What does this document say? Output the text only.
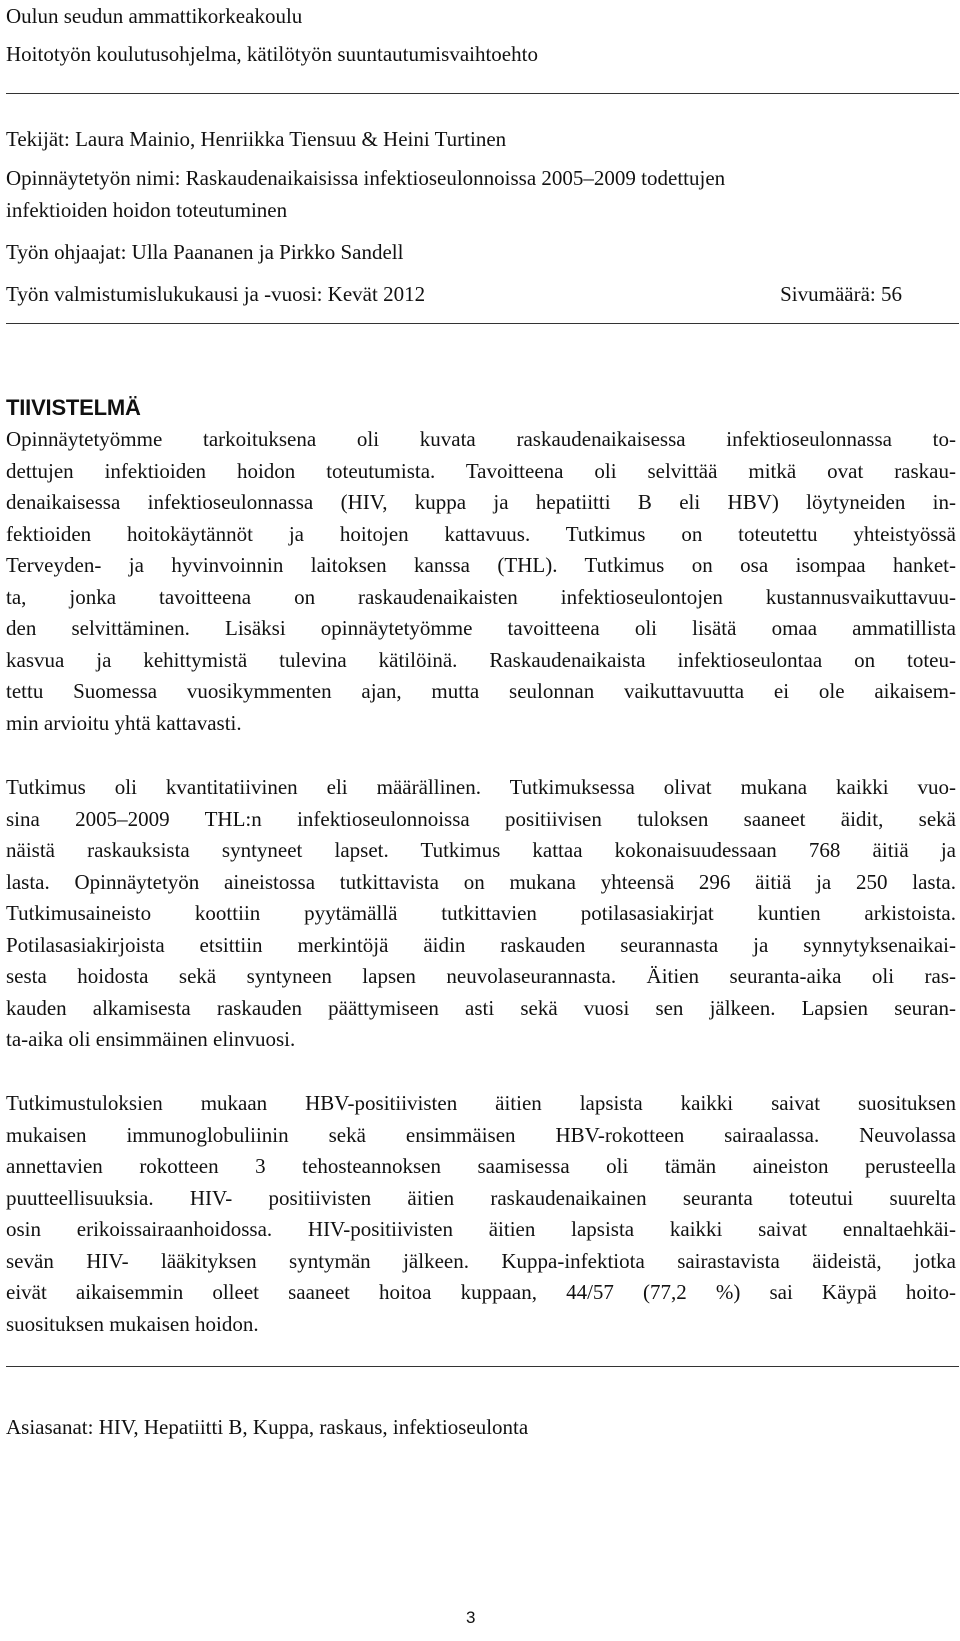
Oulun seudun ammattikorkeakoulu
Hoitotyön koulutusohjelma, kätilötyön suuntautumisvaihtoehto
Tekijät: Laura Mainio, Henriikka Tiensuu & Heini Turtinen
Opinnäytetyön nimi: Raskaudenaikaisissa infektioseulonnoissa 2005–2009 todettujen
infektioiden hoidon toteutuminen
Työn ohjaajat: Ulla Paananen ja Pirkko Sandell
Työn valmistumislukukausi ja -vuosi: Kevät 2012	Sivumäärä: 56
TIIVISTELMÄ
Opinnäytetyömme tarkoituksena oli kuvata raskaudenaikaisessa infektioseulonnassa to-
dettujen infektioiden hoidon toteutumista. Tavoitteena oli selvittää mitkä ovat raskau-
denaikaisessa infektioseulonnassa (HIV, kuppa ja hepatiitti B eli HBV) löytyneiden in-
fektioiden hoitokäytännöt ja hoitojen kattavuus. Tutkimus on toteutettu yhteistyössä
Terveyden- ja hyvinvoinnin laitoksen kanssa (THL). Tutkimus on osa isompaa hanket-
ta, jonka tavoitteena on raskaudenaikaisten infektioseulontojen kustannusvaikuttavuu-
den selvittäminen. Lisäksi opinnäytetyömme tavoitteena oli lisätä omaa ammatillista
kasvua ja kehittymistä tulevina kätilöinä. Raskaudenaikaista infektioseulontaa on toteu-
tettu Suomessa vuosikymmenten ajan, mutta seulonnan vaikuttavuutta ei ole aikaisem-
min arvioitu yhtä kattavasti.
Tutkimus oli kvantitatiivinen eli määrällinen. Tutkimuksessa olivat mukana kaikki vuo-
sina 2005–2009 THL:n infektioseulonnoissa positiivisen tuloksen saaneet äidit, sekä
näistä raskauksista syntyneet lapset. Tutkimus kattaa kokonaisuudessaan 768 äitiä ja
lasta. Opinnäytetyön aineistossa tutkittavista on mukana yhteensä 296 äitiä ja 250 lasta.
Tutkimusaineisto koottiin pyytämällä tutkittavien potilasasiakirjat kuntien arkistoista.
Potilasasiakirjoista etsittiin merkintöjä äidin raskauden seurannasta ja synnytyksenaikai-
sesta hoidosta sekä syntyneen lapsen neuvolaseurannasta. Äitien seuranta-aika oli ras-
kauden alkamisesta raskauden päättymiseen asti sekä vuosi sen jälkeen. Lapsien seuran-
ta-aika oli ensimmäinen elinvuosi.
Tutkimustuloksien mukaan HBV-positiivisten äitien lapsista kaikki saivat suosituksen
mukaisen immunoglobuliinin sekä ensimmäisen HBV-rokotteen sairaalassa. Neuvolassa
annettavien rokotteen 3 tehosteannoksen saamisessa oli tämän aineiston perusteella
puutteellisuuksia. HIV- positiivisten äitien raskaudenaikainen seuranta toteutui suurelta
osin erikoissairaanhoidossa. HIV-positiivisten äitien lapsista kaikki saivat ennaltaehkäi-
sevän HIV- lääkityksen syntymän jälkeen. Kuppa-infektiota sairastavista äideistä, jotka
eivät aikaisemmin olleet saaneet hoitoa kuppaan, 44/57 (77,2 %) sai Käypä hoito-
suosituksen mukaisen hoidon.
Asiasanat: HIV, Hepatiitti B, Kuppa, raskaus, infektioseulonta
3
